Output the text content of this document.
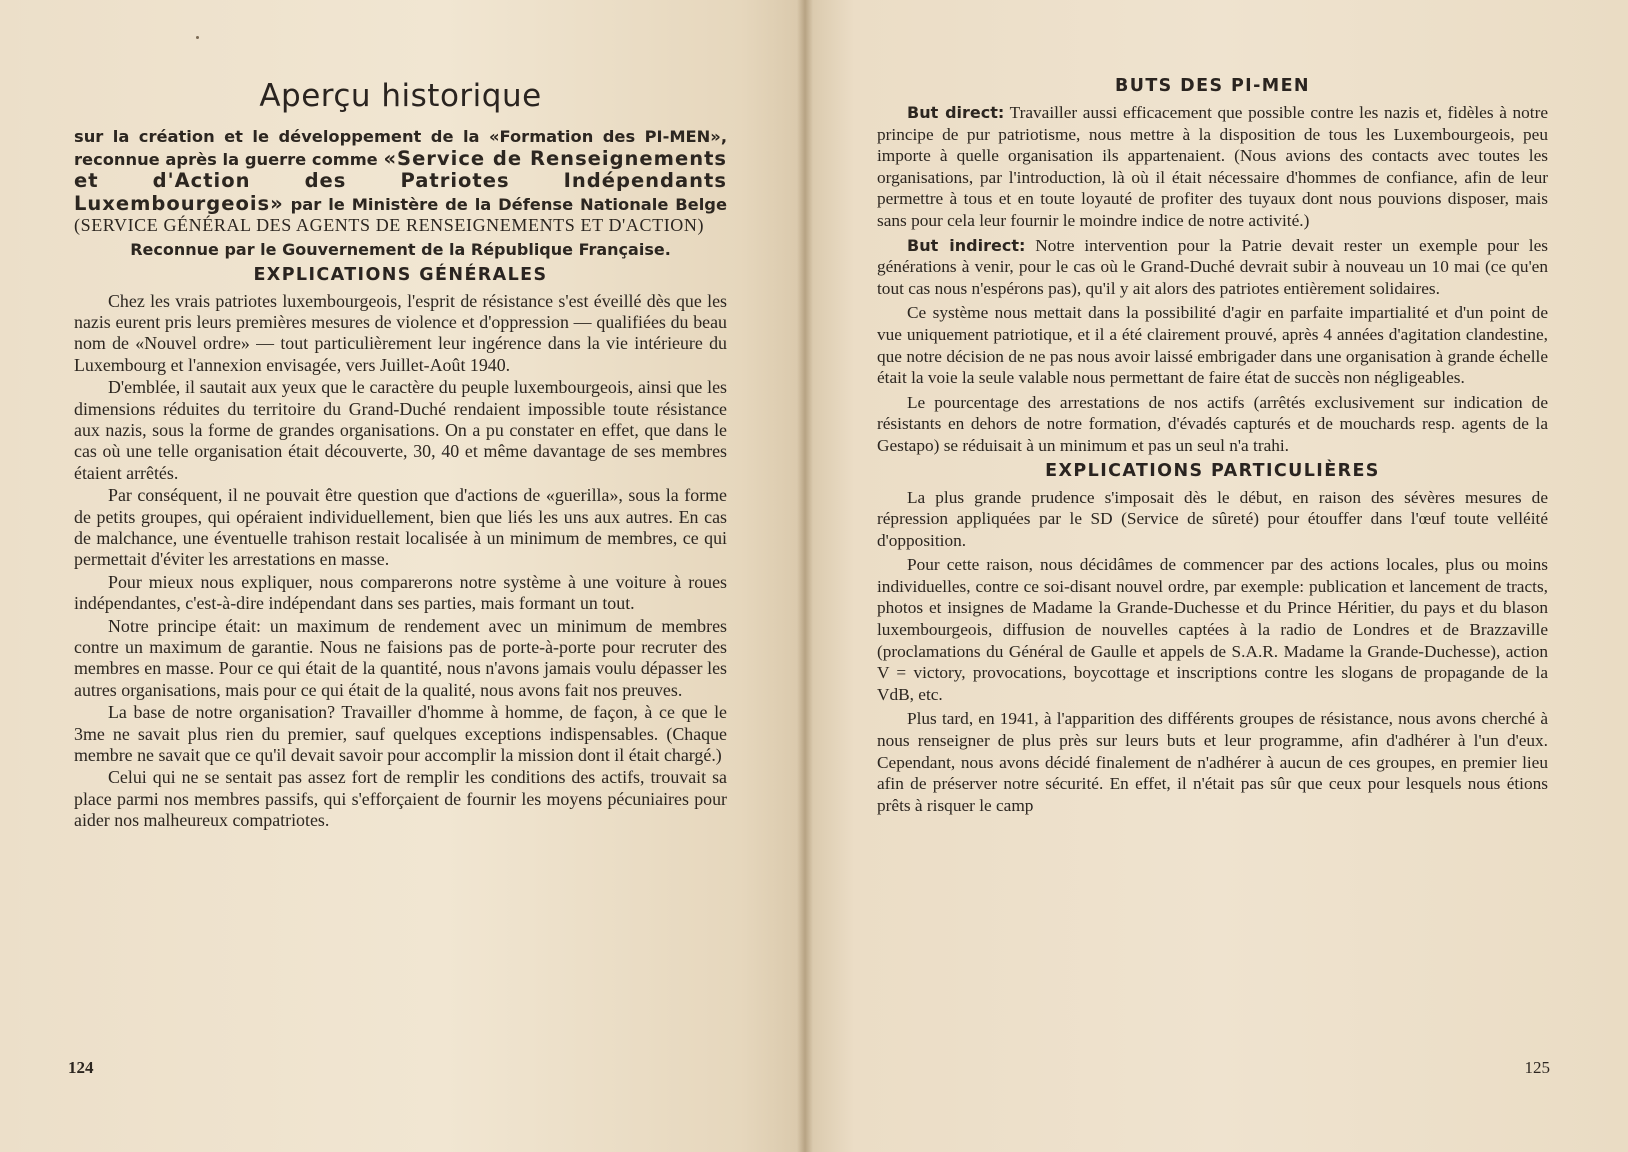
Aperçu historique

sur la création et le développement de la «Formation des PI-MEN», reconnue après la guerre comme «Service de Renseignements et d'Action des Patriotes Indépendants Luxembourgeois» par le Ministère de la Défense Nationale Belge (SERVICE GÉNÉRAL DES AGENTS DE RENSEIGNEMENTS ET D'ACTION)

Reconnue par le Gouvernement de la République Française.
EXPLICATIONS GÉNÉRALES

Chez les vrais patriotes luxembourgeois, l'esprit de résistance s'est éveillé dès que les nazis eurent pris leurs premières mesures de violence et d'oppression — qualifiées du beau nom de «Nouvel ordre» — tout particulièrement leur ingérence dans la vie intérieure du Luxembourg et l'annexion envisagée, vers Juillet-Août 1940.

D'emblée, il sautait aux yeux que le caractère du peuple luxembourgeois, ainsi que les dimensions réduites du territoire du Grand-Duché rendaient impossible toute résistance aux nazis, sous la forme de grandes organisations. On a pu constater en effet, que dans le cas où une telle organisation était découverte, 30, 40 et même davantage de ses membres étaient arrêtés.

Par conséquent, il ne pouvait être question que d'actions de «guerilla», sous la forme de petits groupes, qui opéraient individuellement, bien que liés les uns aux autres. En cas de malchance, une éventuelle trahison restait localisée à un minimum de membres, ce qui permettait d'éviter les arrestations en masse.

Pour mieux nous expliquer, nous comparerons notre système à une voiture à roues indépendantes, c'est-à-dire indépendant dans ses parties, mais formant un tout.

Notre principe était: un maximum de rendement avec un minimum de membres contre un maximum de garantie. Nous ne faisions pas de porte-à-porte pour recruter des membres en masse. Pour ce qui était de la quantité, nous n'avons jamais voulu dépasser les autres organisations, mais pour ce qui était de la qualité, nous avons fait nos preuves.

La base de notre organisation? Travailler d'homme à homme, de façon, à ce que le 3me ne savait plus rien du premier, sauf quelques exceptions indispensables. (Chaque membre ne savait que ce qu'il devait savoir pour accomplir la mission dont il était chargé.)

Celui qui ne se sentait pas assez fort de remplir les conditions des actifs, trouvait sa place parmi nos membres passifs, qui s'efforçaient de fournir les moyens pécuniaires pour aider nos malheureux compatriotes.

124
BUTS DES PI-MEN

But direct: Travailler aussi efficacement que possible contre les nazis et, fidèles à notre principe de pur patriotisme, nous mettre à la disposition de tous les Luxembourgeois, peu importe à quelle organisation ils appartenaient. (Nous avions des contacts avec toutes les organisations, par l'introduction, là où il était nécessaire d'hommes de confiance, afin de leur permettre à tous et en toute loyauté de profiter des tuyaux dont nous pouvions disposer, mais sans pour cela leur fournir le moindre indice de notre activité.)

But indirect: Notre intervention pour la Patrie devait rester un exemple pour les générations à venir, pour le cas où le Grand-Duché devrait subir à nouveau un 10 mai (ce qu'en tout cas nous n'espérons pas), qu'il y ait alors des patriotes entièrement solidaires.

Ce système nous mettait dans la possibilité d'agir en parfaite impartialité et d'un point de vue uniquement patriotique, et il a été clairement prouvé, après 4 années d'agitation clandestine, que notre décision de ne pas nous avoir laissé embrigader dans une organisation à grande échelle était la voie la seule valable nous permettant de faire état de succès non négligeables.

Le pourcentage des arrestations de nos actifs (arrêtés exclusivement sur indication de résistants en dehors de notre formation, d'évadés capturés et de mouchards resp. agents de la Gestapo) se réduisait à un minimum et pas un seul n'a trahi.

EXPLICATIONS PARTICULIÈRES

La plus grande prudence s'imposait dès le début, en raison des sévères mesures de répression appliquées par le SD (Service de sûreté) pour étouffer dans l'œuf toute velléité d'opposition.

Pour cette raison, nous décidâmes de commencer par des actions locales, plus ou moins individuelles, contre ce soi-disant nouvel ordre, par exemple: publication et lancement de tracts, photos et insignes de Madame la Grande-Duchesse et du Prince Héritier, du pays et du blason luxembourgeois, diffusion de nouvelles captées à la radio de Londres et de Brazzaville (proclamations du Général de Gaulle et appels de S.A.R. Madame la Grande-Duchesse), action V = victory, provocations, boycottage et inscriptions contre les slogans de propagande de la VdB, etc.

Plus tard, en 1941, à l'apparition des différents groupes de résistance, nous avons cherché à nous renseigner de plus près sur leurs buts et leur programme, afin d'adhérer à l'un d'eux. Cependant, nous avons décidé finalement de n'adhérer à aucun de ces groupes, en premier lieu afin de préserver notre sécurité. En effet, il n'était pas sûr que ceux pour lesquels nous étions prêts à risquer le camp

125
